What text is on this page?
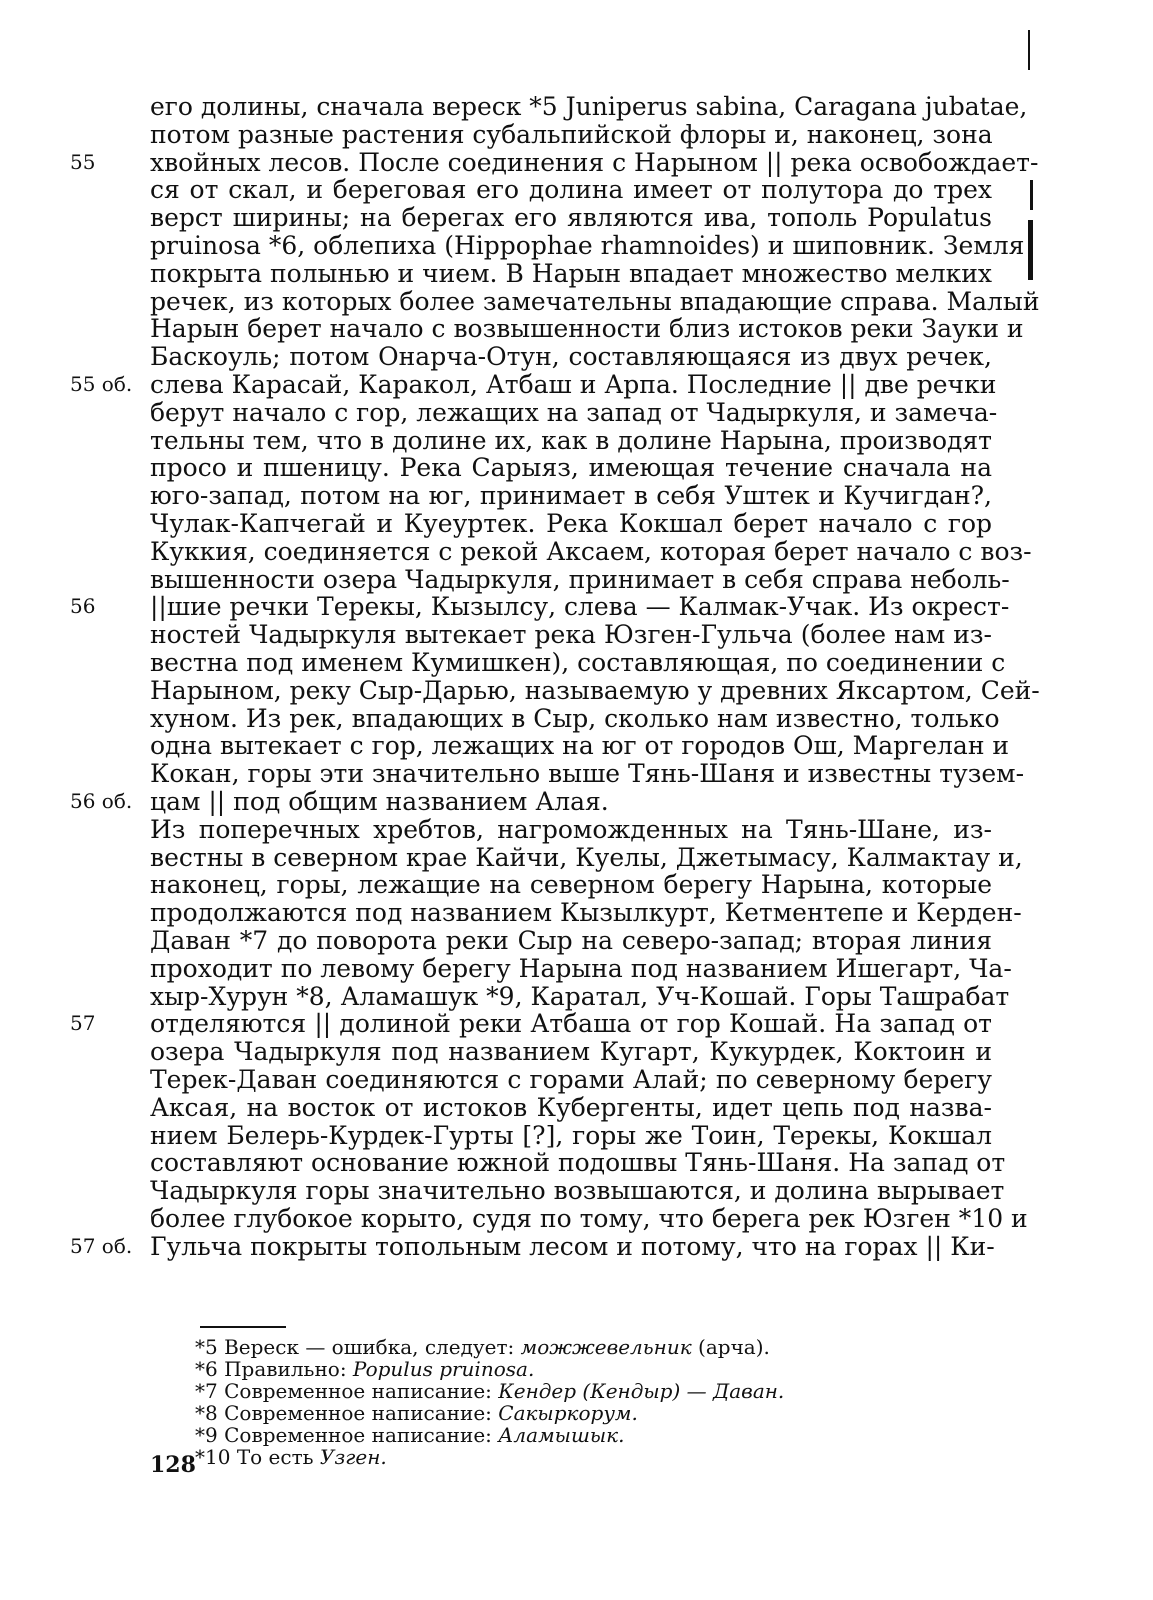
его долины, сначала вереск *5 Juniperus sabina, Caragana jubatae,
потом разные растения субальпийской флоры и, наконец, зона
хвойных лесов. После соединения с Нарыном || река освобождает-
ся от скал, и береговая его долина имеет от полутора до трех
верст ширины; на берегах его являются ива, тополь Populatus
pruinosa *6, облепиха (Hippophae rhamnoides) и шиповник. Земля
покрыта полынью и чием. В Нарын впадает множество мелких
речек, из которых более замечательны впадающие справа. Малый
Нарын берет начало с возвышенности близ истоков реки Зауки и
Баскоуль; потом Онарча-Отун, составляющаяся из двух речек,
слева Карасай, Каракол, Атбаш и Арпа. Последние || две речки
берут начало с гор, лежащих на запад от Чадыркуля, и замеча-
тельны тем, что в долине их, как в долине Нарына, производят
просо и пшеницу. Река Сарыяз, имеющая течение сначала на
юго-запад, потом на юг, принимает в себя Уштек и Кучигдан?,
Чулак-Капчегай и Куеуртек. Река Кокшал берет начало с гор
Куккия, соединяется с рекой Аксаем, которая берет начало с воз-
вышенности озера Чадыркуля, принимает в себя справа неболь-
||шие речки Терекы, Кызылсу, слева — Калмак-Учак. Из окрест-
ностей Чадыркуля вытекает река Юзген-Гульча (более нам из-
вестна под именем Кумишкен), составляющая, по соединении с
Нарыном, реку Сыр-Дарью, называемую у древних Яксартом, Сей-
хуном. Из рек, впадающих в Сыр, сколько нам известно, только
одна вытекает с гор, лежащих на юг от городов Ош, Маргелан и
Кокан, горы эти значительно выше Тянь-Шаня и известны тузем-
цам || под общим названием Алая.
Из поперечных хребтов, нагроможденных на Тянь-Шане, из-
вестны в северном крае Кайчи, Куелы, Джетымасу, Калмактау и,
наконец, горы, лежащие на северном берегу Нарына, которые
продолжаются под названием Кызылкурт, Кетментепе и Керден-
Даван *7 до поворота реки Сыр на северо-запад; вторая линия
проходит по левому берегу Нарына под названием Ишегарт, Ча-
хыр-Хурун *8, Аламашук *9, Каратал, Уч-Кошай. Горы Ташрабат
отделяются || долиной реки Атбаша от гор Кошай. На запад от
озера Чадыркуля под названием Кугарт, Кукурдек, Коктоин и
Терек-Даван соединяются с горами Алай; по северному берегу
Аксая, на восток от истоков Кубергенты, идет цепь под назва-
нием Белерь-Курдек-Гурты [?], горы же Тоин, Терекы, Кокшал
составляют основание южной подошвы Тянь-Шаня. На запад от
Чадыркуля горы значительно возвышаются, и долина вырывает
более глубокое корыто, судя по тому, что берега рек Юзген *10 и
Гульча покрыты топольным лесом и потому, что на горах || Ки-
55
55 об.
56
56 об.
57
57 об.
*5 Вереск — ошибка, следует: можжевельник (арча).
*6 Правильно: Populus pruinosa.
*7 Современное написание: Кендер (Кендыр) — Даван.
*8 Современное написание: Сакыркорум.
*9 Современное написание: Аламышык.
*10 То есть Узген.
128
